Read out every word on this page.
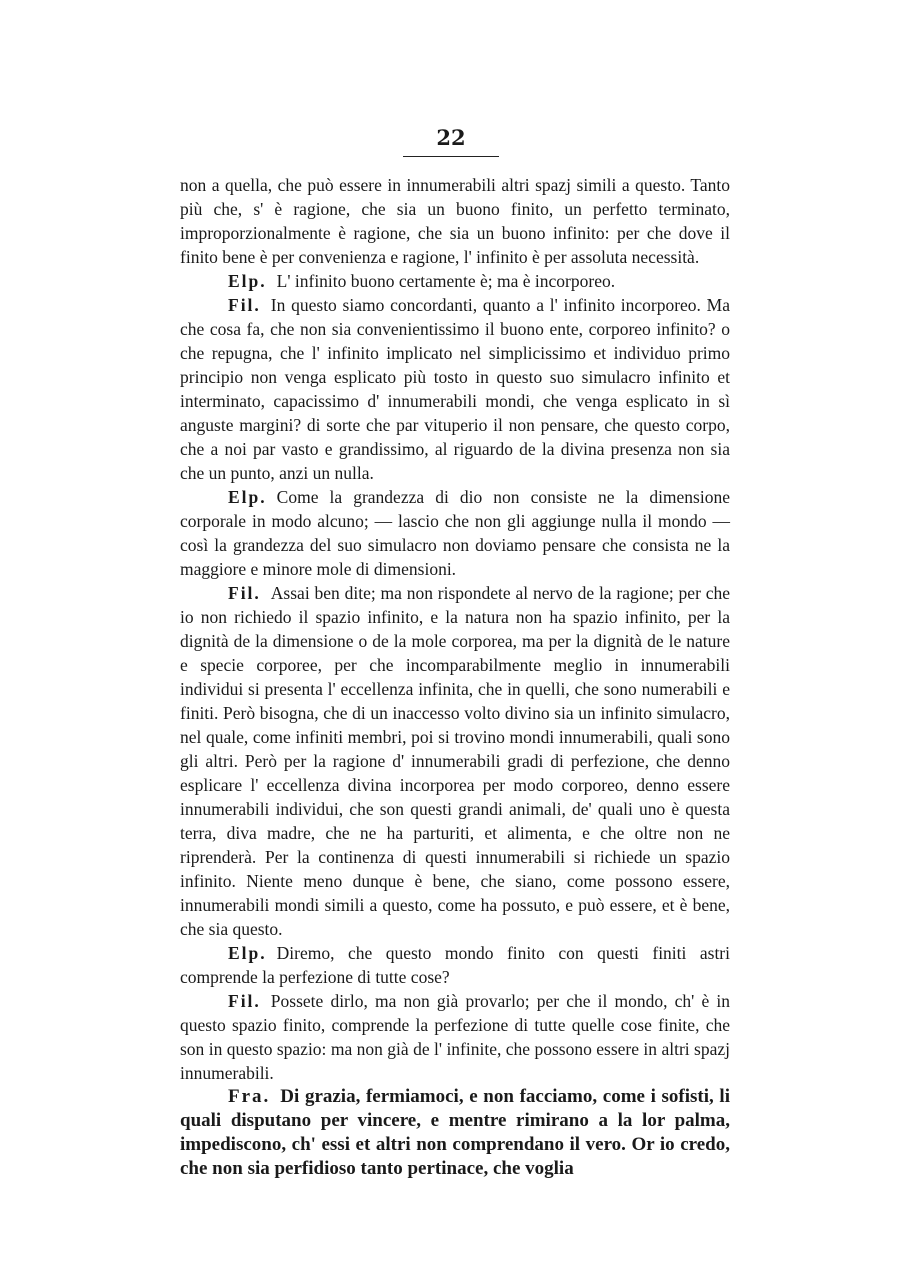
22

non a quella, che può essere in innumerabili altri spazj simili a questo. Tanto più che, s' è ragione, che sia un buono finito, un perfetto terminato, improporzionalmente è ragione, che sia un buono infinito: per che dove il finito bene è per convenienza e ragione, l' infinito è per assoluta necessità.

Elp. L' infinito buono certamente è; ma è incorporeo.

Fil. In questo siamo concordanti, quanto a l' infinito incorporeo. Ma che cosa fa, che non sia convenientissimo il buono ente, corporeo infinito? o che repugna, che l' infinito implicato nel simplicissimo et individuo primo principio non venga esplicato più tosto in questo suo simulacro infinito et interminato, capacissimo d' innumerabili mondi, che venga esplicato in sì anguste margini? di sorte che par vituperio il non pensare, che questo corpo, che a noi par vasto e grandissimo, al riguardo de la divina presenza non sia che un punto, anzi un nulla.

Elp. Come la grandezza di dio non consiste ne la dimensione corporale in modo alcuno; — lascio che non gli aggiunge nulla il mondo — così la grandezza del suo simulacro non doviamo pensare che consista ne la maggiore e minore mole di dimensioni.

Fil. Assai ben dite; ma non rispondete al nervo de la ragione; per che io non richiedo il spazio infinito, e la natura non ha spazio infinito, per la dignità de la dimensione o de la mole corporea, ma per la dignità de le nature e specie corporee, per che incomparabilmente meglio in innumerabili individui si presenta l' eccellenza infinita, che in quelli, che sono numerabili e finiti. Però bisogna, che di un inaccesso volto divino sia un infinito simulacro, nel quale, come infiniti membri, poi si trovino mondi innumerabili, quali sono gli altri. Però per la ragione d' innumerabili gradi di perfezione, che denno esplicare l' eccellenza divina incorporea per modo corporeo, denno essere innumerabili individui, che son questi grandi animali, de' quali uno è questa terra, diva madre, che ne ha parturiti, et alimenta, e che oltre non ne riprenderà. Per la continenza di questi innumerabili si richiede un spazio infinito. Niente meno dunque è bene, che siano, come possono essere, innumerabili mondi simili a questo, come ha possuto, e può essere, et è bene, che sia questo.

Elp. Diremo, che questo mondo finito con questi finiti astri comprende la perfezione di tutte cose?

Fil. Possete dirlo, ma non già provarlo; per che il mondo, ch' è in questo spazio finito, comprende la perfezione di tutte quelle cose finite, che son in questo spazio: ma non già de l' infinite, che possono essere in altri spazj innumerabili.

Fra. Di grazia, fermiamoci, e non facciamo, come i sofisti, li quali disputano per vincere, e mentre rimirano a la lor palma, impediscono, ch' essi et altri non comprendano il vero. Or io credo, che non sia perfidioso tanto pertinace, che voglia
